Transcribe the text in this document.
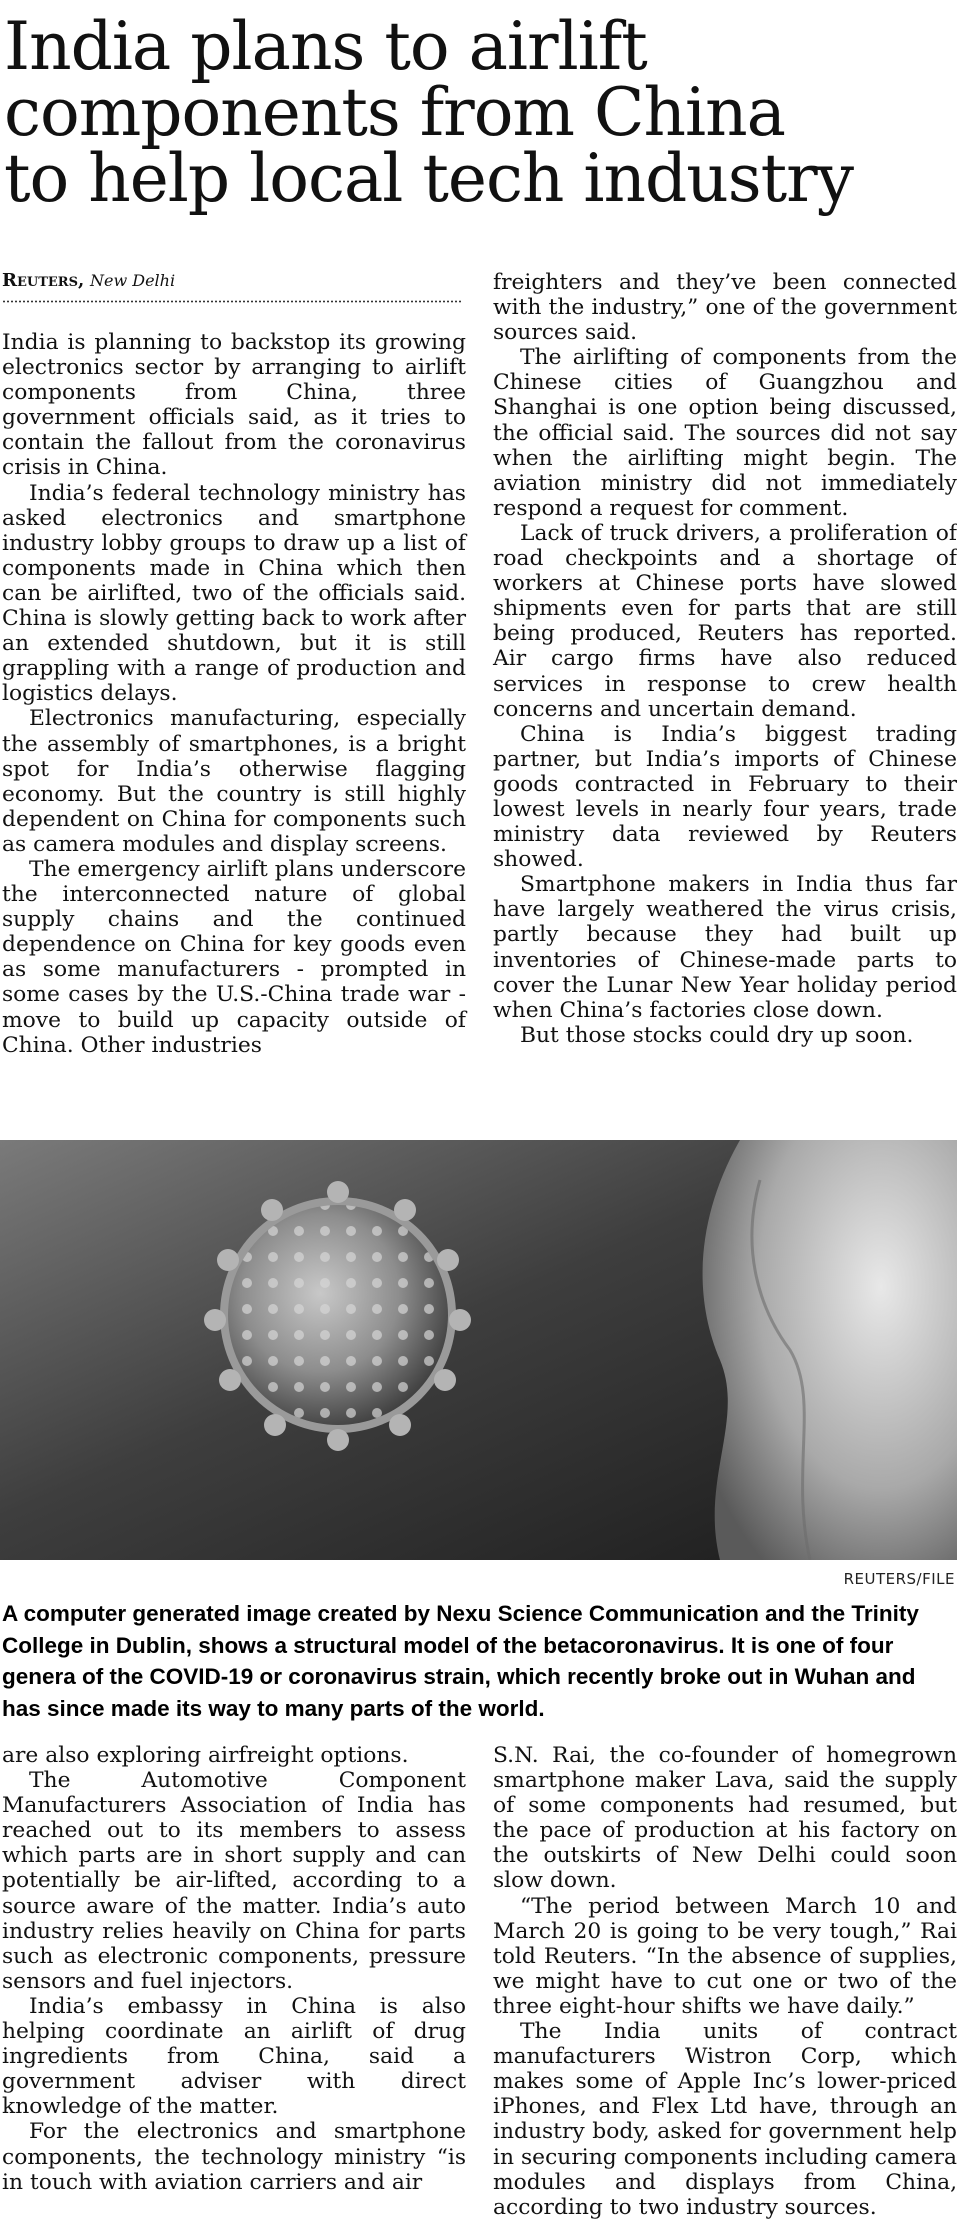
India plans to airlift
components from China
to help local tech industry
Reuters, New Delhi

India is planning to backstop its growing electronics sector by arranging to airlift components from China, three government officials said, as it tries to contain the fallout from the coronavirus crisis in China.

India’s federal technology ministry has asked electronics and smartphone industry lobby groups to draw up a list of components made in China which then can be airlifted, two of the officials said. China is slowly getting back to work after an extended shutdown, but it is still grappling with a range of production and logistics delays.

Electronics manufacturing, especially the assembly of smartphones, is a bright spot for India’s otherwise flagging economy. But the country is still highly dependent on China for components such as camera modules and display screens.

The emergency airlift plans underscore the interconnected nature of global supply chains and the continued dependence on China for key goods even as some manufacturers - prompted in some cases by the U.S.-China trade war - move to build up capacity outside of China. Other industries

freighters and they’ve been connected with the industry,” one of the government sources said.

The airlifting of components from the Chinese cities of Guangzhou and Shanghai is one option being discussed, the official said. The sources did not say when the airlifting might begin. The aviation ministry did not immediately respond a request for comment.

Lack of truck drivers, a proliferation of road checkpoints and a shortage of workers at Chinese ports have slowed shipments even for parts that are still being produced, Reuters has reported. Air cargo firms have also reduced services in response to crew health concerns and uncertain demand.

China is India’s biggest trading partner, but India’s imports of Chinese goods contracted in February to their lowest levels in nearly four years, trade ministry data reviewed by Reuters showed.

Smartphone makers in India thus far have largely weathered the virus crisis, partly because they had built up inventories of Chinese-made parts to cover the Lunar New Year holiday period when China’s factories close down.

But those stocks could dry up soon.

REUTERS/FILE
A computer generated image created by Nexu Science Communication and the Trinity College in Dublin, shows a structural model of the betacoronavirus. It is one of four genera of the COVID-19 or coronavirus strain, which recently broke out in Wuhan and has since made its way to many parts of the world.

are also exploring airfreight options.

The Automotive Component Manufacturers Association of India has reached out to its members to assess which parts are in short supply and can potentially be air-lifted, according to a source aware of the matter. India’s auto industry relies heavily on China for parts such as electronic components, pressure sensors and fuel injectors.

India’s embassy in China is also helping coordinate an airlift of drug ingredients from China, said a government adviser with direct knowledge of the matter.

For the electronics and smartphone components, the technology ministry “is in touch with aviation carriers and air

S.N. Rai, the co-founder of homegrown smartphone maker Lava, said the supply of some components had resumed, but the pace of production at his factory on the outskirts of New Delhi could soon slow down.

“The period between March 10 and March 20 is going to be very tough,” Rai told Reuters. “In the absence of supplies, we might have to cut one or two of the three eight-hour shifts we have daily.”

The India units of contract manufacturers Wistron Corp, which makes some of Apple Inc’s lower-priced iPhones, and Flex Ltd have, through an industry body, asked for government help in securing components including camera modules and displays from China, according to two industry sources.
